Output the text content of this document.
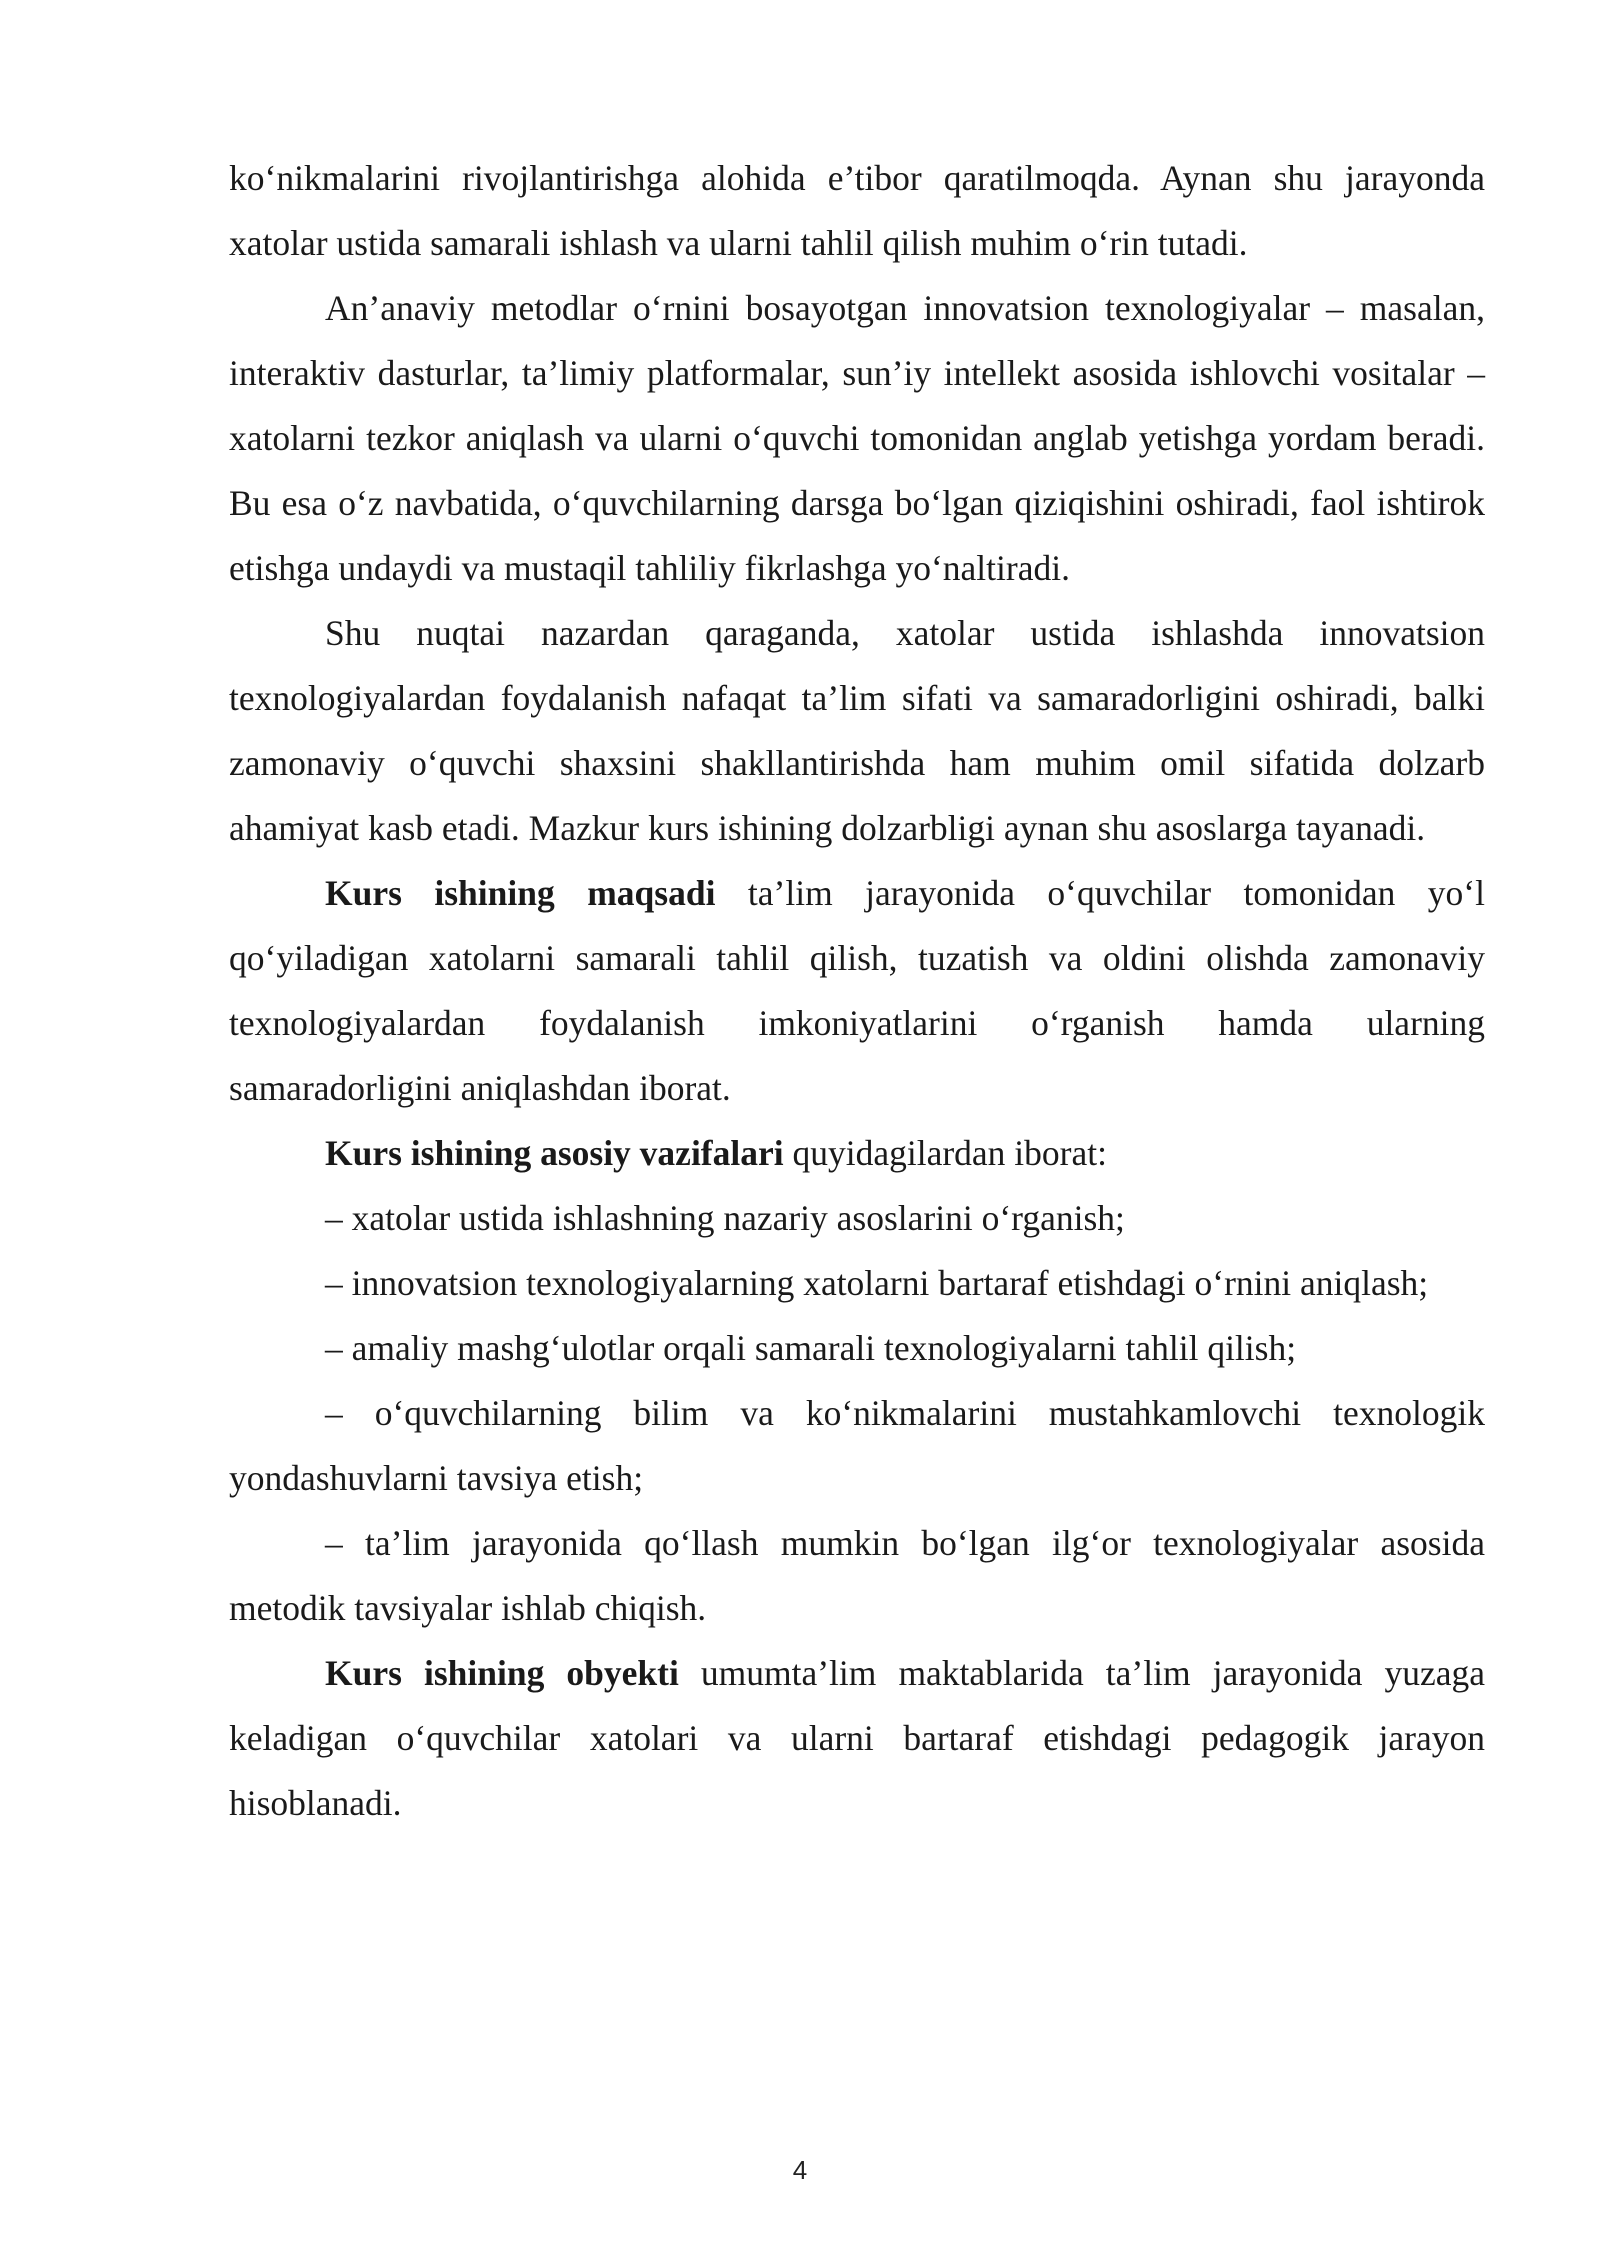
koʻnikmalarini rivojlantirishga alohida e’tibor qaratilmoqda. Aynan shu jarayonda xatolar ustida samarali ishlash va ularni tahlil qilish muhim oʻrin tutadi.

An’anaviy metodlar oʻrnini bosayotgan innovatsion texnologiyalar – masalan, interaktiv dasturlar, ta’limiy platformalar, sun’iy intellekt asosida ishlovchi vositalar – xatolarni tezkor aniqlash va ularni oʻquvchi tomonidan anglab yetishga yordam beradi. Bu esa oʻz navbatida, oʻquvchilarning darsga boʻlgan qiziqishini oshiradi, faol ishtirok etishga undaydi va mustaqil tahliliy fikrlashga yoʻnaltiradi.

Shu nuqtai nazardan qaraganda, xatolar ustida ishlashda innovatsion texnologiyalardan foydalanish nafaqat ta’lim sifati va samaradorligini oshiradi, balki zamonaviy oʻquvchi shaxsini shakllantirishda ham muhim omil sifatida dolzarb ahamiyat kasb etadi. Mazkur kurs ishining dolzarbligi aynan shu asoslarga tayanadi.

Kurs ishining maqsadi ta’lim jarayonida oʻquvchilar tomonidan yoʻl qoʻyiladigan xatolarni samarali tahlil qilish, tuzatish va oldini olishda zamonaviy texnologiyalardan foydalanish imkoniyatlarini oʻrganish hamda ularning samaradorligini aniqlashdan iborat.

Kurs ishining asosiy vazifalari quyidagilardan iborat:

– xatolar ustida ishlashning nazariy asoslarini oʻrganish;

– innovatsion texnologiyalarning xatolarni bartaraf etishdagi oʻrnini aniqlash;

– amaliy mashgʻulotlar orqali samarali texnologiyalarni tahlil qilish;

– oʻquvchilarning bilim va koʻnikmalarini mustahkamlovchi texnologik yondashuvlarni tavsiya etish;

– ta’lim jarayonida qoʻllash mumkin boʻlgan ilgʻor texnologiyalar asosida metodik tavsiyalar ishlab chiqish.

Kurs ishining obyekti umumta’lim maktablarida ta’lim jarayonida yuzaga keladigan oʻquvchilar xatolari va ularni bartaraf etishdagi pedagogik jarayon hisoblanadi.

4
